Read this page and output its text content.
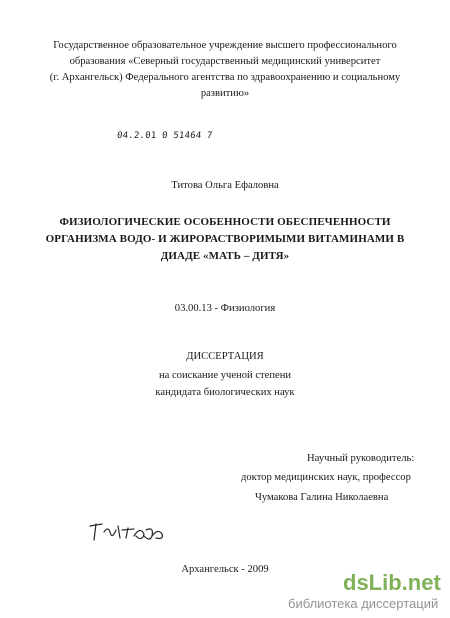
Государственное образовательное учреждение высшего профессионального
образования «Северный государственный медицинский университет
(г. Архангельск) Федерального агентства по здравоохранению и социальному
развитию»
04.2.01 0 51464 7
Титова Ольга Ефаловна
ФИЗИОЛОГИЧЕСКИЕ ОСОБЕННОСТИ ОБЕСПЕЧЕННОСТИ
ОРГАНИЗМА ВОДО- И ЖИРОРАСТВОРИМЫМИ ВИТАМИНАМИ В
ДИАДЕ «МАТЬ – ДИТЯ»
03.00.13 - Физиология
ДИССЕРТАЦИЯ
на соискание ученой степени
кандидата биологических наук
Научный руководитель:
доктор медицинских наук, профессор
Чумакова Галина Николаевна
Архангельск - 2009
dsLib.net
библиотека диссертаций
